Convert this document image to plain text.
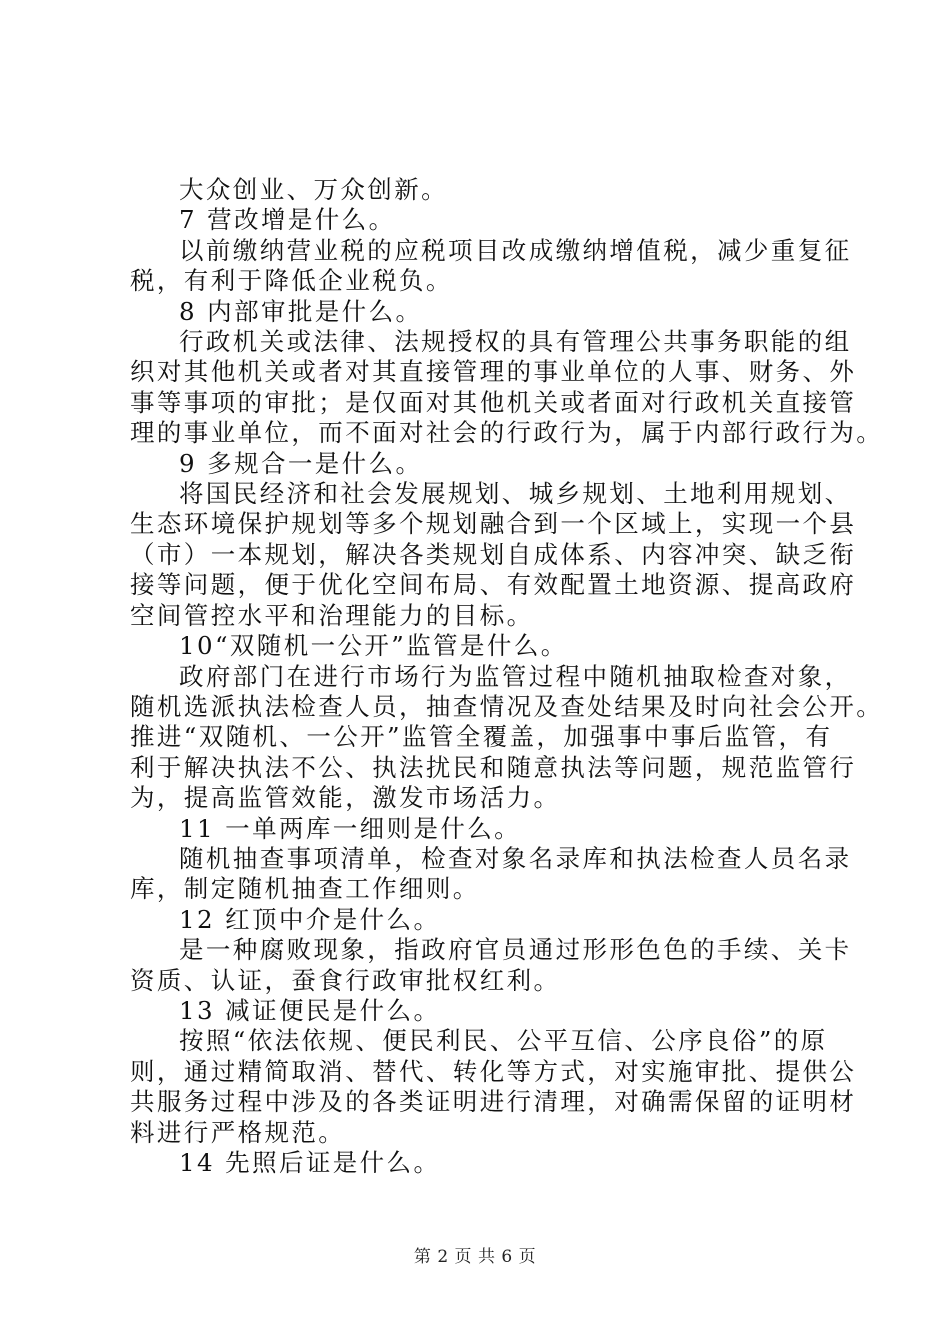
大众创业、万众创新。
7 营改增是什么。
以前缴纳营业税的应税项目改成缴纳增值税，减少重复征
税，有利于降低企业税负。
8 内部审批是什么。
行政机关或法律、法规授权的具有管理公共事务职能的组
织对其他机关或者对其直接管理的事业单位的人事、财务、外
事等事项的审批；是仅面对其他机关或者面对行政机关直接管
理的事业单位，而不面对社会的行政行为，属于内部行政行为。
9 多规合一是什么。
将国民经济和社会发展规划、城乡规划、土地利用规划、
生态环境保护规划等多个规划融合到一个区域上，实现一个县
（市）一本规划，解决各类规划自成体系、内容冲突、缺乏衔
接等问题，便于优化空间布局、有效配置土地资源、提高政府
空间管控水平和治理能力的目标。
10“双随机一公开”监管是什么。
政府部门在进行市场行为监管过程中随机抽取检查对象，
随机选派执法检查人员，抽查情况及查处结果及时向社会公开。
推进“双随机、一公开”监管全覆盖，加强事中事后监管，有
利于解决执法不公、执法扰民和随意执法等问题，规范监管行
为，提高监管效能，激发市场活力。
11 一单两库一细则是什么。
随机抽查事项清单，检查对象名录库和执法检查人员名录
库，制定随机抽查工作细则。
12 红顶中介是什么。
是一种腐败现象，指政府官员通过形形色色的手续、关卡
资质、认证，蚕食行政审批权红利。
13 减证便民是什么。
按照“依法依规、便民利民、公平互信、公序良俗”的原
则，通过精简取消、替代、转化等方式，对实施审批、提供公
共服务过程中涉及的各类证明进行清理，对确需保留的证明材
料进行严格规范。
14 先照后证是什么。
第 2 页 共 6 页
